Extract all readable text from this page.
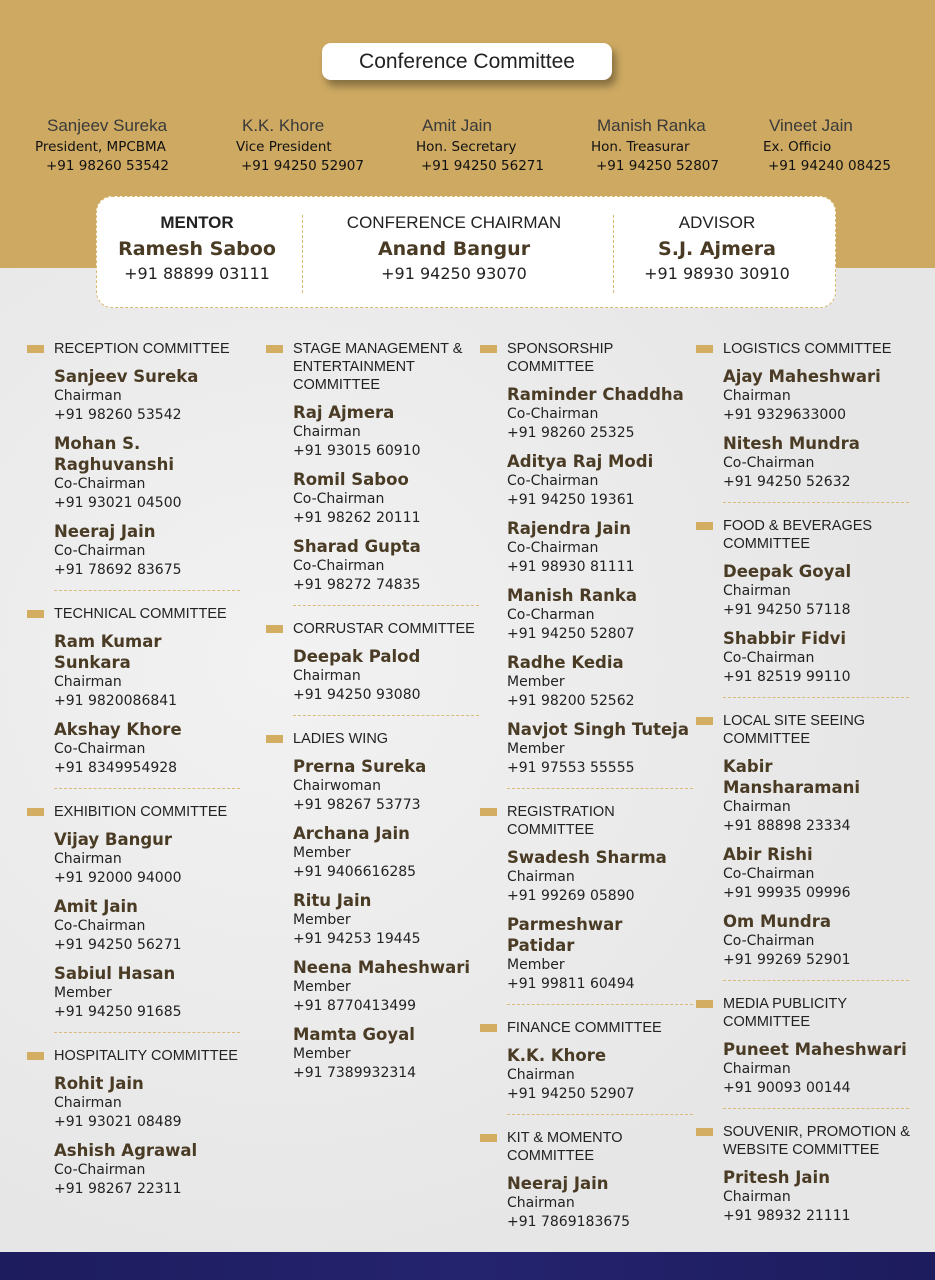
Conference Committee
Sanjeev Sureka
President, MPCBMA
+91 98260 53542
K.K. Khore
Vice President
+91 94250 52907
Amit Jain
Hon. Secretary
+91 94250 56271
Manish Ranka
Hon. Treasurar
+91 94250 52807
Vineet Jain
Ex. Officio
+91 94240 08425
MENTOR
Ramesh Saboo
+91 88899 03111
CONFERENCE CHAIRMAN
Anand Bangur
+91 94250 93070
ADVISOR
S.J. Ajmera
+91 98930 30910
RECEPTION COMMITTEE
Sanjeev Sureka
Chairman
+91 98260 53542
Mohan S. Raghuvanshi
Co-Chairman
+91 93021 04500
Neeraj Jain
Co-Chairman
+91 78692 83675
TECHNICAL COMMITTEE
Ram Kumar Sunkara
Chairman
+91 9820086841
Akshay Khore
Co-Chairman
+91 8349954928
EXHIBITION COMMITTEE
Vijay Bangur
Chairman
+91 92000 94000
Amit Jain
Co-Chairman
+91 94250 56271
Sabiul Hasan
Member
+91 94250 91685
HOSPITALITY COMMITTEE
Rohit Jain
Chairman
+91 93021 08489
Ashish Agrawal
Co-Chairman
+91 98267 22311
STAGE MANAGEMENT & ENTERTAINMENT COMMITTEE
Raj Ajmera
Chairman
+91 93015 60910
Romil Saboo
Co-Chairman
+91 98262 20111
Sharad Gupta
Co-Chairman
+91 98272 74835
CORRUSTAR COMMITTEE
Deepak Palod
Chairman
+91 94250 93080
LADIES WING
Prerna Sureka
Chairwoman
+91 98267 53773
Archana Jain
Member
+91 9406616285
Ritu Jain
Member
+91 94253 19445
Neena Maheshwari
Member
+91 8770413499
Mamta Goyal
Member
+91 7389932314
SPONSORSHIP COMMITTEE
Raminder Chaddha
Co-Chairman
+91 98260 25325
Aditya Raj Modi
Co-Chairman
+91 94250 19361
Rajendra Jain
Co-Chairman
+91 98930 81111
Manish Ranka
Co-Charman
+91 94250 52807
Radhe Kedia
Member
+91 98200 52562
Navjot Singh Tuteja
Member
+91 97553 55555
REGISTRATION COMMITTEE
Swadesh Sharma
Chairman
+91 99269 05890
Parmeshwar Patidar
Member
+91 99811 60494
FINANCE COMMITTEE
K.K. Khore
Chairman
+91 94250 52907
KIT & MOMENTO COMMITTEE
Neeraj Jain
Chairman
+91 7869183675
LOGISTICS COMMITTEE
Ajay Maheshwari
Chairman
+91 9329633000
Nitesh Mundra
Co-Chairman
+91 94250 52632
FOOD & BEVERAGES COMMITTEE
Deepak Goyal
Chairman
+91 94250 57118
Shabbir Fidvi
Co-Chairman
+91 82519 99110
LOCAL SITE SEEING COMMITTEE
Kabir Mansharamani
Chairman
+91 88898 23334
Abir Rishi
Co-Chairman
+91 99935 09996
Om Mundra
Co-Chairman
+91 99269 52901
MEDIA PUBLICITY COMMITTEE
Puneet Maheshwari
Chairman
+91 90093 00144
SOUVENIR, PROMOTION & WEBSITE COMMITTEE
Pritesh Jain
Chairman
+91 98932 21111
